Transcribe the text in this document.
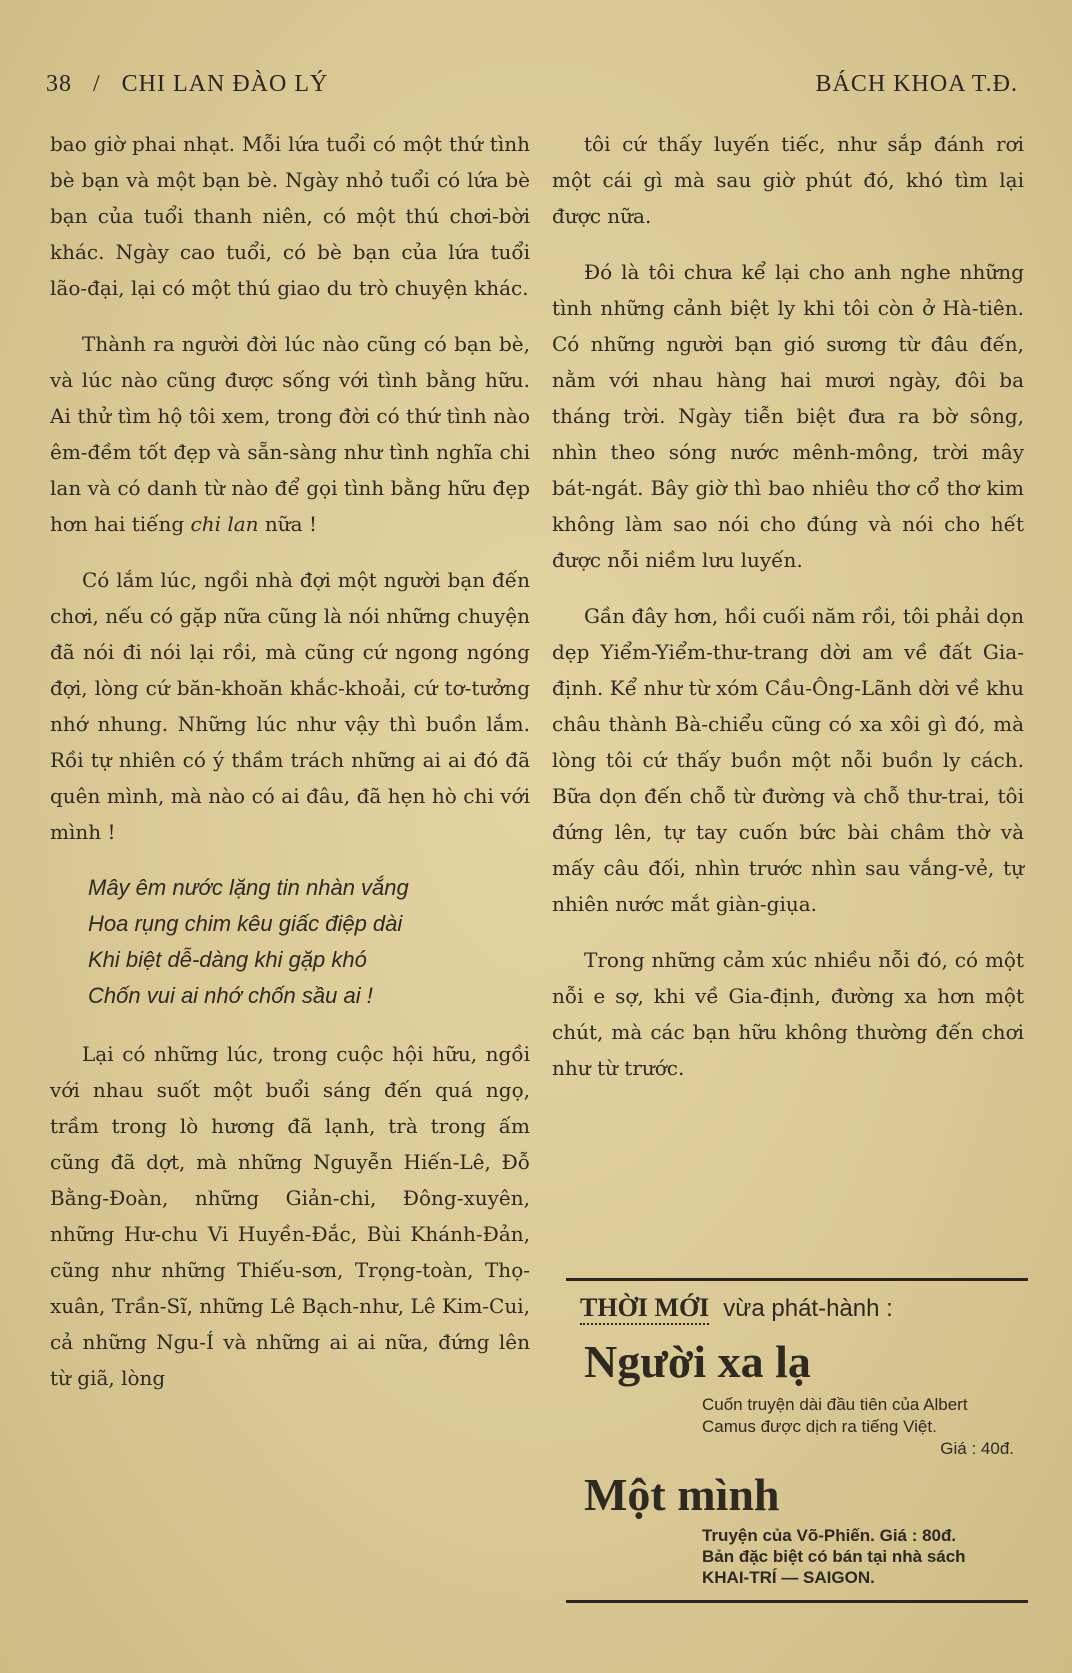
38 / CHI LAN ĐÀO LÝ	BÁCH KHOA T.Đ.

bao giờ phai nhạt. Mỗi lứa tuổi có một thứ tình bè bạn và một bạn bè. Ngày nhỏ tuổi có lứa bè bạn của tuổi thanh niên, có một thú chơi-bời khác. Ngày cao tuổi, có bè bạn của lứa tuổi lão-đại, lại có một thú giao du trò chuyện khác.

Thành ra người đời lúc nào cũng có bạn bè, và lúc nào cũng được sống với tình bằng hữu. Ai thử tìm hộ tôi xem, trong đời có thứ tình nào êm-đềm tốt đẹp và sẵn-sàng như tình nghĩa chi lan và có danh từ nào để gọi tình bằng hữu đẹp hơn hai tiếng chi lan nữa !

Có lắm lúc, ngồi nhà đợi một người bạn đến chơi, nếu có gặp nữa cũng là nói những chuyện đã nói đi nói lại rồi, mà cũng cứ ngong ngóng đợi, lòng cứ băn-khoăn khắc-khoải, cứ tơ-tưởng nhớ nhung. Những lúc như vậy thì buồn lắm. Rồi tự nhiên có ý thầm trách những ai ai đó đã quên mình, mà nào có ai đâu, đã hẹn hò chi với mình !

Mây êm nước lặng tin nhàn vắng
Hoa rụng chim kêu giấc điệp dài
Khi biệt dễ-dàng khi gặp khó
Chốn vui ai nhớ chốn sầu ai !

Lại có những lúc, trong cuộc hội hữu, ngồi với nhau suốt một buổi sáng đến quá ngọ, trầm trong lò hương đã lạnh, trà trong ấm cũng đã dợt, mà những Nguyễn Hiến-Lê, Đỗ Bằng-Đoàn, những Giản-chi, Đông-xuyên, những Hư-chu Vi Huyền-Đắc, Bùi Khánh-Đản, cũng như những Thiếu-sơn, Trọng-toàn, Thọ-xuân, Trần-Sĩ, những Lê Bạch-như, Lê Kim-Cui, cả những Ngu-Í và những ai ai nữa, đứng lên từ giã, lòng

tôi cứ thấy luyến tiếc, như sắp đánh rơi một cái gì mà sau giờ phút đó, khó tìm lại được nữa.

Đó là tôi chưa kể lại cho anh nghe những tình những cảnh biệt ly khi tôi còn ở Hà-tiên. Có những người bạn gió sương từ đâu đến, nằm với nhau hàng hai mươi ngày, đôi ba tháng trời. Ngày tiễn biệt đưa ra bờ sông, nhìn theo sóng nước mênh-mông, trời mây bát-ngát. Bây giờ thì bao nhiêu thơ cổ thơ kim không làm sao nói cho đúng và nói cho hết được nỗi niềm lưu luyến.

Gần đây hơn, hồi cuối năm rồi, tôi phải dọn dẹp Yiểm-Yiểm-thư-trang dời am về đất Gia-định. Kể như từ xóm Cầu-Ông-Lãnh dời về khu châu thành Bà-chiểu cũng có xa xôi gì đó, mà lòng tôi cứ thấy buồn một nỗi buồn ly cách. Bữa dọn đến chỗ từ đường và chỗ thư-trai, tôi đứng lên, tự tay cuốn bức bài châm thờ và mấy câu đối, nhìn trước nhìn sau vắng-vẻ, tự nhiên nước mắt giàn-giụa.

Trong những cảm xúc nhiều nỗi đó, có một nỗi e sợ, khi về Gia-định, đường xa hơn một chút, mà các bạn hữu không thường đến chơi như từ trước.

THỜI MỚI vừa phát-hành :
Người xa lạ
Cuốn truyện dài đầu tiên của Albert Camus được dịch ra tiếng Việt.
Giá : 40đ.
Một mình
Truyện của Võ-Phiến. Giá : 80đ.
Bản đặc biệt có bán tại nhà sách
KHAI-TRÍ — SAIGON.
